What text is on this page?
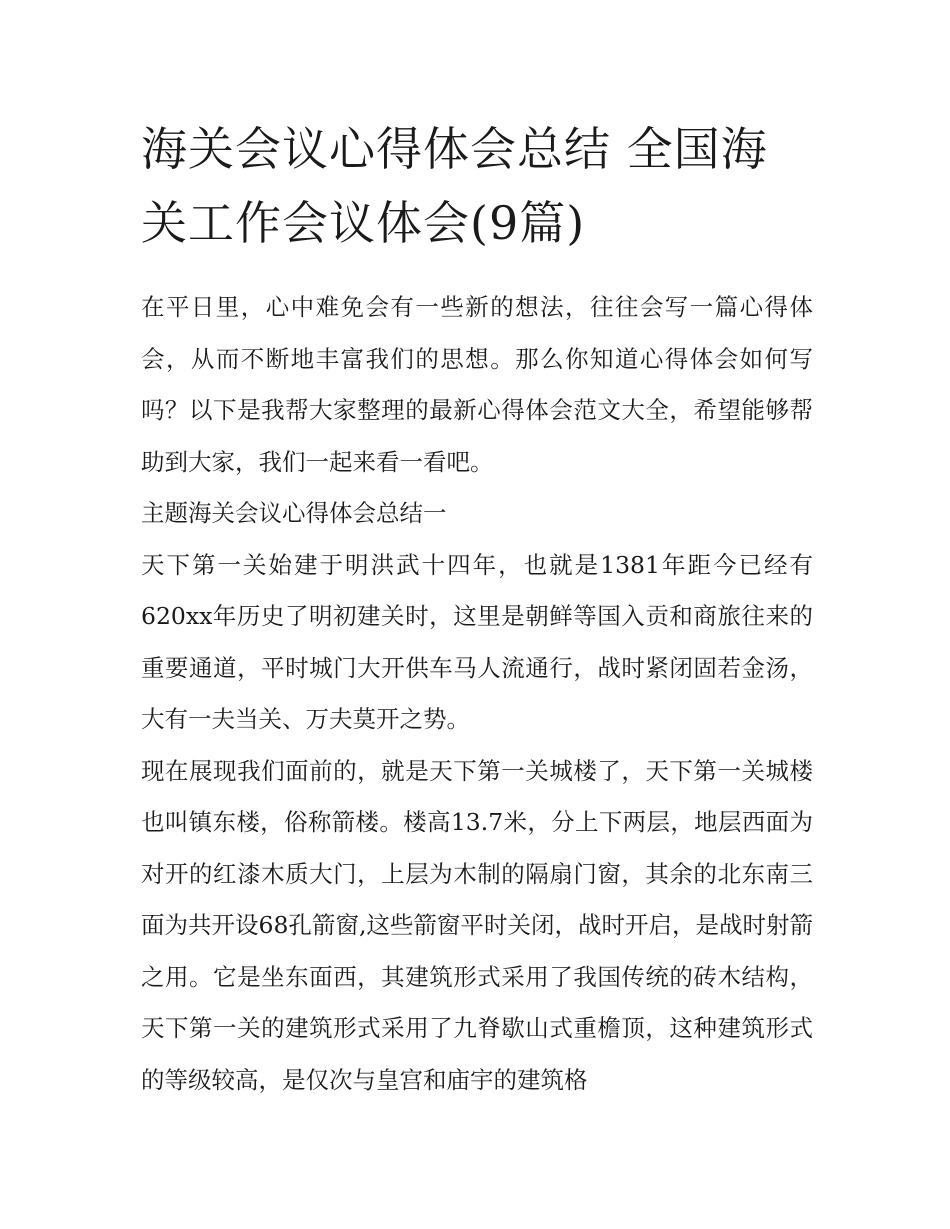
海关会议心得体会总结 全国海关工作会议体会(9篇)

在平日里，心中难免会有一些新的想法，往往会写一篇心得体会，从而不断地丰富我们的思想。那么你知道心得体会如何写吗？以下是我帮大家整理的最新心得体会范文大全，希望能够帮助到大家，我们一起来看一看吧。

主题海关会议心得体会总结一

天下第一关始建于明洪武十四年，也就是1381年距今已经有620xx年历史了明初建关时，这里是朝鲜等国入贡和商旅往来的重要通道，平时城门大开供车马人流通行，战时紧闭固若金汤，大有一夫当关、万夫莫开之势。

现在展现我们面前的，就是天下第一关城楼了，天下第一关城楼也叫镇东楼，俗称箭楼。楼高13.7米，分上下两层，地层西面为对开的红漆木质大门，上层为木制的隔扇门窗，其余的北东南三面为共开设68孔箭窗,这些箭窗平时关闭，战时开启，是战时射箭之用。它是坐东面西，其建筑形式采用了我国传统的砖木结构，天下第一关的建筑形式采用了九脊歇山式重檐顶，这种建筑形式的等级较高，是仅次与皇宫和庙宇的建筑格
